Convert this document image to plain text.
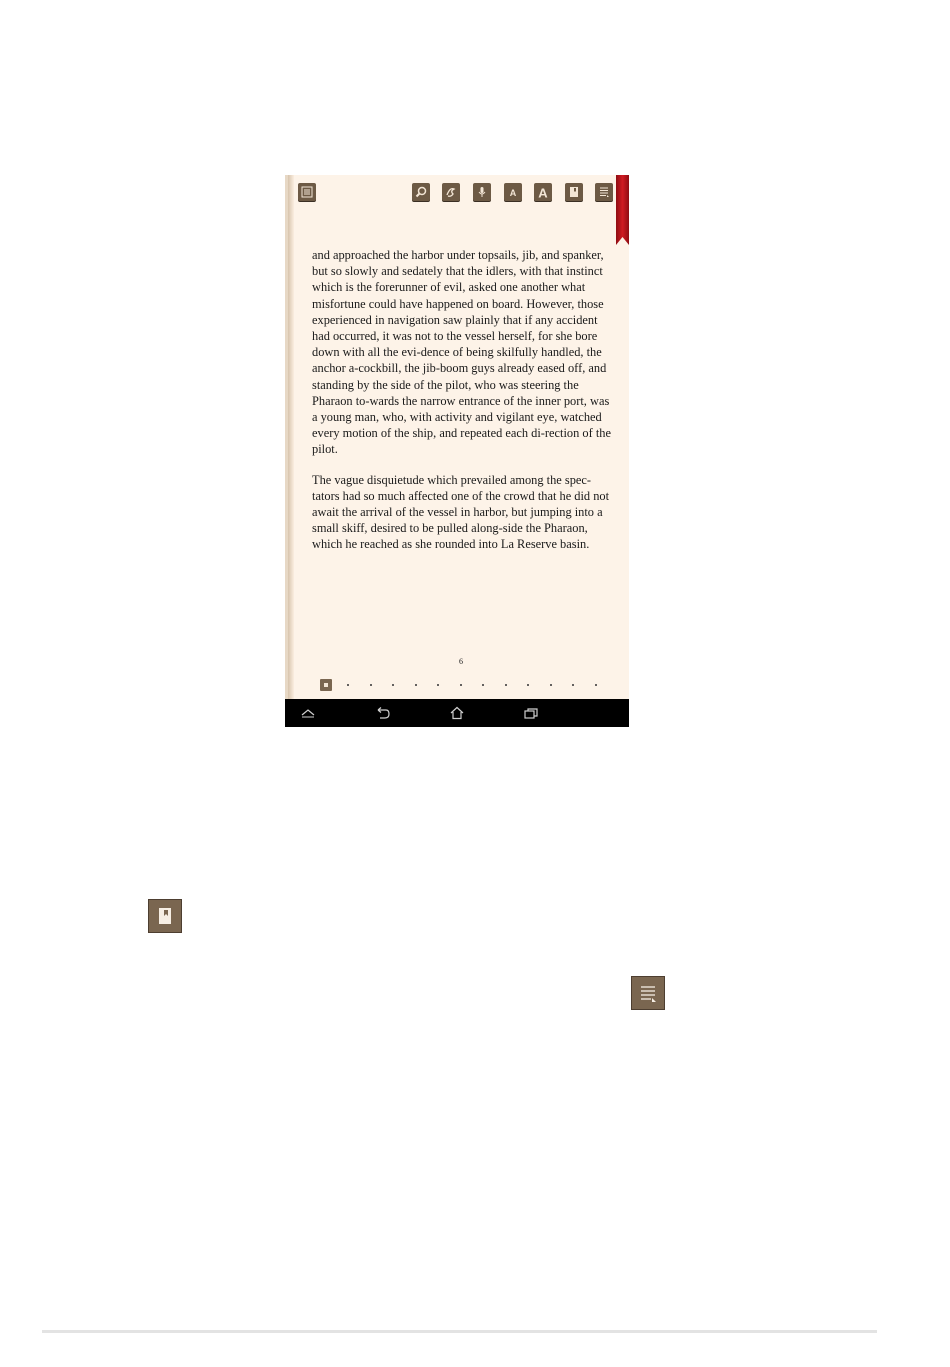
A A

and approached the harbor under topsails, jib, and spanker, but so slowly and sedately that the idlers, with that instinct which is the forerunner of evil, asked one another what misfortune could have happened on board. However, those experienced in navigation saw plainly that if any accident had occurred, it was not to the vessel herself, for she bore down with all the evi-dence of being skilfully handled, the anchor a-cockbill, the jib-boom guys already eased off, and standing by the side of the pilot, who was steering the Pharaon to-wards the narrow entrance of the inner port, was a young man, who, with activity and vigilant eye, watched every motion of the ship, and repeated each di-rection of the pilot.

The vague disquietude which prevailed among the spec-tators had so much affected one of the crowd that he did not await the arrival of the vessel in harbor, but jumping into a small skiff, desired to be pulled along-side the Pharaon, which he reached as she rounded into La Reserve basin.

6
